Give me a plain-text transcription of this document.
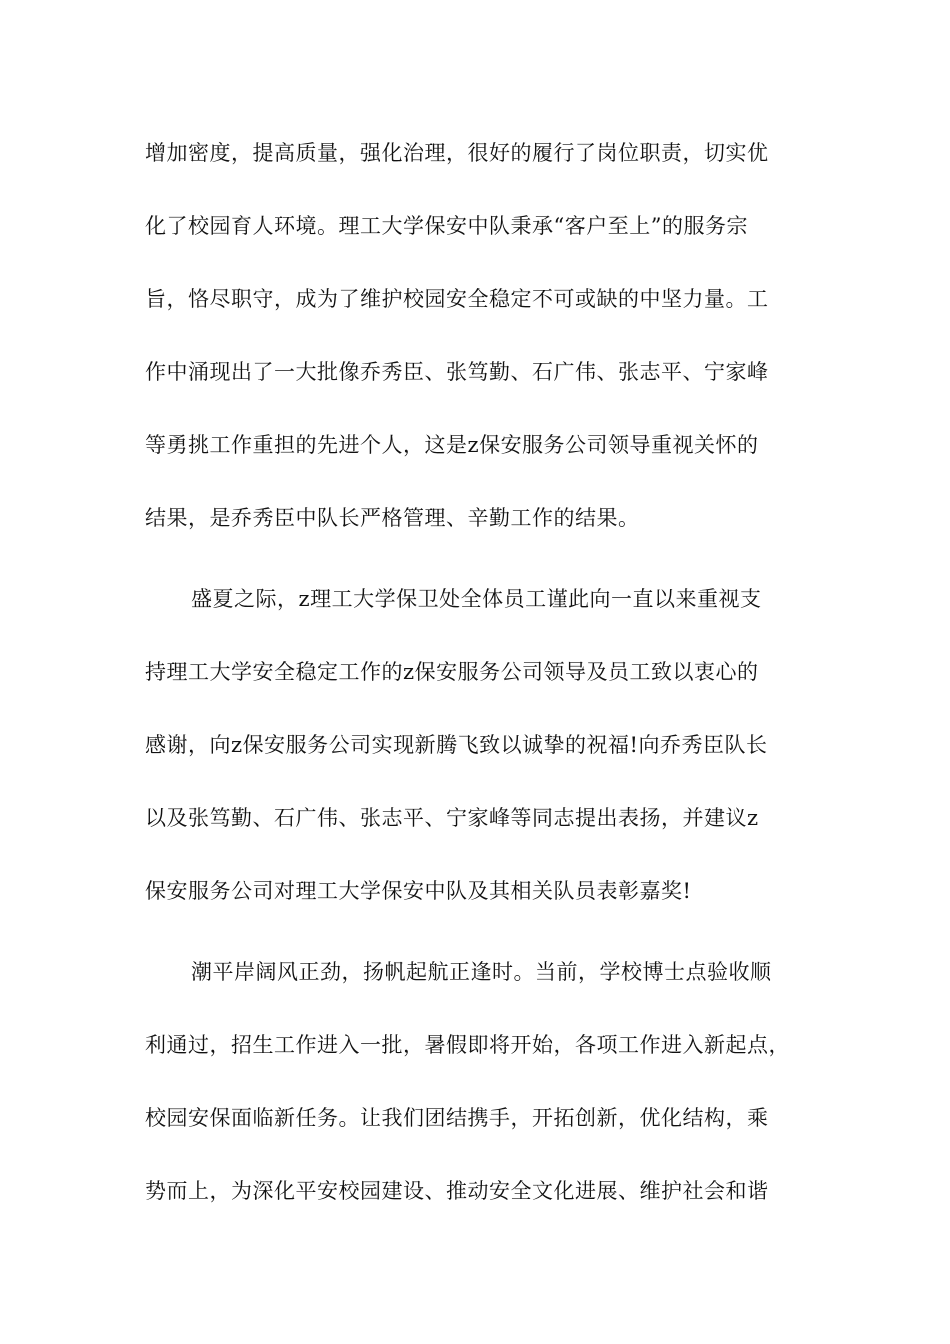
增加密度，提高质量，强化治理，很好的履行了岗位职责，切实优
化了校园育人环境。理工大学保安中队秉承“客户至上”的服务宗
旨，恪尽职守，成为了维护校园安全稳定不可或缺的中坚力量。工
作中涌现出了一大批像乔秀臣、张笃勤、石广伟、张志平、宁家峰
等勇挑工作重担的先进个人，这是z保安服务公司领导重视关怀的
结果，是乔秀臣中队长严格管理、辛勤工作的结果。
盛夏之际，z理工大学保卫处全体员工谨此向一直以来重视支
持理工大学安全稳定工作的z保安服务公司领导及员工致以衷心的
感谢，向z保安服务公司实现新腾飞致以诚挚的祝福!向乔秀臣队长
以及张笃勤、石广伟、张志平、宁家峰等同志提出表扬，并建议z
保安服务公司对理工大学保安中队及其相关队员表彰嘉奖!
潮平岸阔风正劲，扬帆起航正逢时。当前，学校博士点验收顺
利通过，招生工作进入一批，暑假即将开始，各项工作进入新起点，
校园安保面临新任务。让我们团结携手，开拓创新，优化结构，乘
势而上，为深化平安校园建设、推动安全文化进展、维护社会和谐
